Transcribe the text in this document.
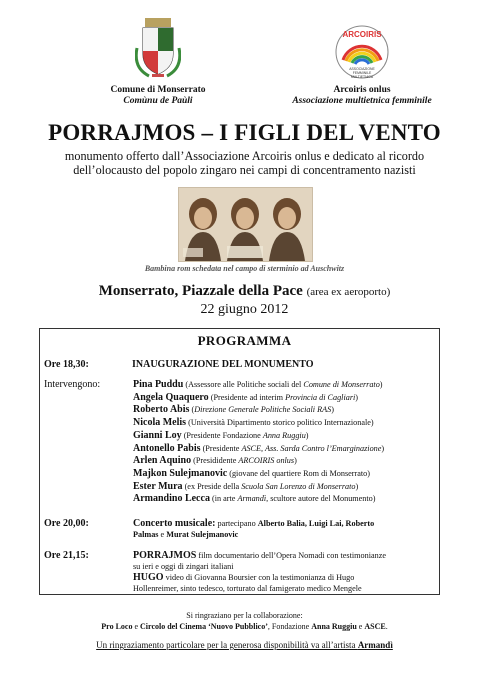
Comune di Monserrato
Comùnu de Paùli
ARCOIRIS
ASSOCIAZIONE
FEMMINILE
MULTIETNICA
Arcoiris onlus
Associazione multietnica femminile
PORRAJMOS – I FIGLI DEL VENTO
monumento offerto dall’Associazione Arcoiris onlus e dedicato al ricordo
dell’olocausto del popolo zingaro nei campi di concentramento nazisti
Bambina rom schedata nel campo di sterminio ad Auschwitz
Monserrato, Piazzale della Pace (area ex aeroporto)
22 giugno 2012
PROGRAMMA
Ore 18,30:	INAUGURAZIONE DEL MONUMENTO
Intervengono:	Pina Puddu (Assessore alle Politiche sociali del Comune di Monserrato)
Angela Quaquero (Presidente ad interim Provincia di Cagliari)
Roberto Abis (Direzione Generale Politiche Sociali RAS)
Nicola Melis (Università Dipartimento storico politico Internazionale)
Gianni Loy (Presidente Fondazione Anna Ruggiu)
Antonello Pabis (Presidente ASCE, Ass. Sarda Contro l’Emarginazione)
Arlen Aquino (Presididente ARCOIRIS onlus)
Majkon Sulejmanovic (giovane del quartiere Rom di Monserrato)
Ester Mura (ex Preside della Scuola San Lorenzo di Monserrato)
Armandino Lecca (in arte Armandì, scultore autore del Monumento)
Ore 20,00:	Concerto musicale: partecipano Alberto Balia, Luigi Lai, Roberto
Palmas e Murat Sulejmanovic
Ore 21,15:	PORRAJMOS film documentario dell’Opera Nomadi con testimonianze
su ieri e oggi di zingari italiani
HUGO video di Giovanna Boursier con la testimonianza di Hugo
Hollenreimer, sinto tedesco, torturato dal famigerato medico Mengele
Si ringraziano per la collaborazione:
Pro Loco e Circolo del Cinema ‘Nuovo Pubblico’, Fondazione Anna Ruggiu e ASCE.
Un ringraziamento particolare per la generosa disponibilità va all’artista Armandì
